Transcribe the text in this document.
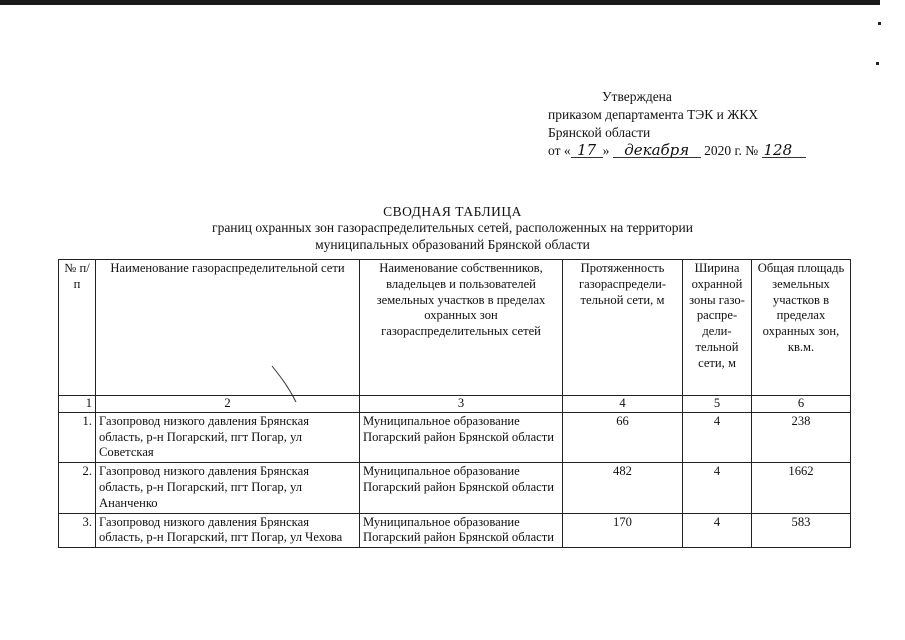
Утверждена
приказом департамента ТЭК и ЖКХ
Брянской области
от « 17 » декабря 2020 г. № 128
СВОДНАЯ ТАБЛИЦА
границ охранных зон газораспределительных сетей, расположенных на территории
муниципальных образований Брянской области
№ п/п	Наименование газораспределительной сети	Наименование собственников, владельцев и пользователей земельных участков в пределах охранных зон газораспределительных сетей	Протяженность газораспредели-тельной сети, м	Ширина охранной зоны газо-распре-дели-тельной сети, м	Общая площадь земельных участков в пределах охранных зон, кв.м.
1	2	3	4	5	6
1.	Газопровод низкого давления Брянская область, р-н Погарский, пгт Погар, ул Советская	Муниципальное образование Погарский район Брянской области	66	4	238
2.	Газопровод низкого давления Брянская область, р-н Погарский, пгт Погар, ул Ананченко	Муниципальное образование Погарский район Брянской области	482	4	1662
3.	Газопровод низкого давления Брянская область, р-н Погарский, пгт Погар, ул Чехова	Муниципальное образование Погарский район Брянской области	170	4	583
